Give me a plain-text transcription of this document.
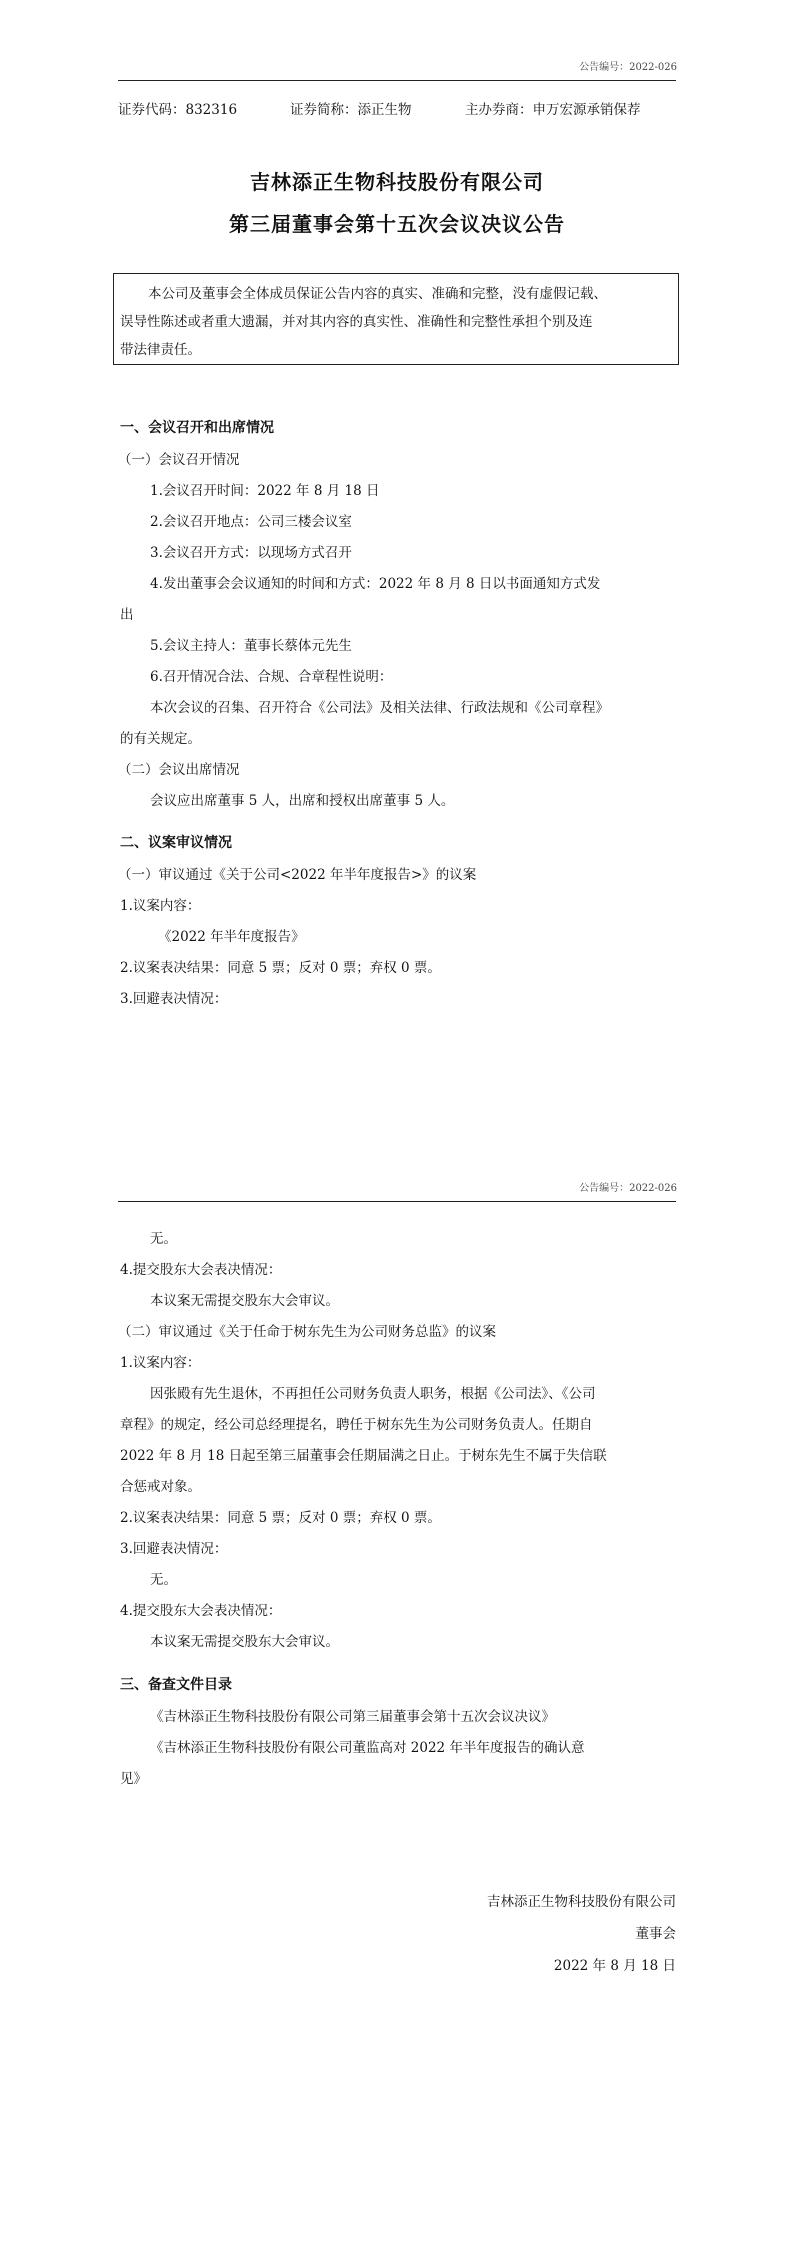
公告编号：2022-026
证券代码：832316	证券简称：添正生物	主办券商：申万宏源承销保荐
吉林添正生物科技股份有限公司
第三届董事会第十五次会议决议公告
本公司及董事会全体成员保证公告内容的真实、准确和完整，没有虚假记载、
误导性陈述或者重大遗漏，并对其内容的真实性、准确性和完整性承担个别及连
带法律责任。
一、会议召开和出席情况
（一）会议召开情况
1.会议召开时间：2022 年 8 月 18 日
2.会议召开地点：公司三楼会议室
3.会议召开方式：以现场方式召开
4.发出董事会会议通知的时间和方式：2022 年 8 月 8 日以书面通知方式发
出
5.会议主持人：董事长蔡体元先生
6.召开情况合法、合规、合章程性说明：
本次会议的召集、召开符合《公司法》及相关法律、行政法规和《公司章程》
的有关规定。
（二）会议出席情况
会议应出席董事 5 人，出席和授权出席董事 5 人。
二、议案审议情况
（一）审议通过《关于公司<2022 年半年度报告>》的议案
1.议案内容：
《2022 年半年度报告》
2.议案表决结果：同意 5 票；反对 0 票；弃权 0 票。
3.回避表决情况：
公告编号：2022-026
无。
4.提交股东大会表决情况：
本议案无需提交股东大会审议。
（二）审议通过《关于任命于树东先生为公司财务总监》的议案
1.议案内容：
因张殿有先生退休，不再担任公司财务负责人职务，根据《公司法》、《公司
章程》的规定，经公司总经理提名，聘任于树东先生为公司财务负责人。任期自
2022 年 8 月 18 日起至第三届董事会任期届满之日止。于树东先生不属于失信联
合惩戒对象。
2.议案表决结果：同意 5 票；反对 0 票；弃权 0 票。
3.回避表决情况：
无。
4.提交股东大会表决情况：
本议案无需提交股东大会审议。
三、备查文件目录
《吉林添正生物科技股份有限公司第三届董事会第十五次会议决议》
《吉林添正生物科技股份有限公司董监高对 2022 年半年度报告的确认意
见》
吉林添正生物科技股份有限公司
董事会
2022 年 8 月 18 日
